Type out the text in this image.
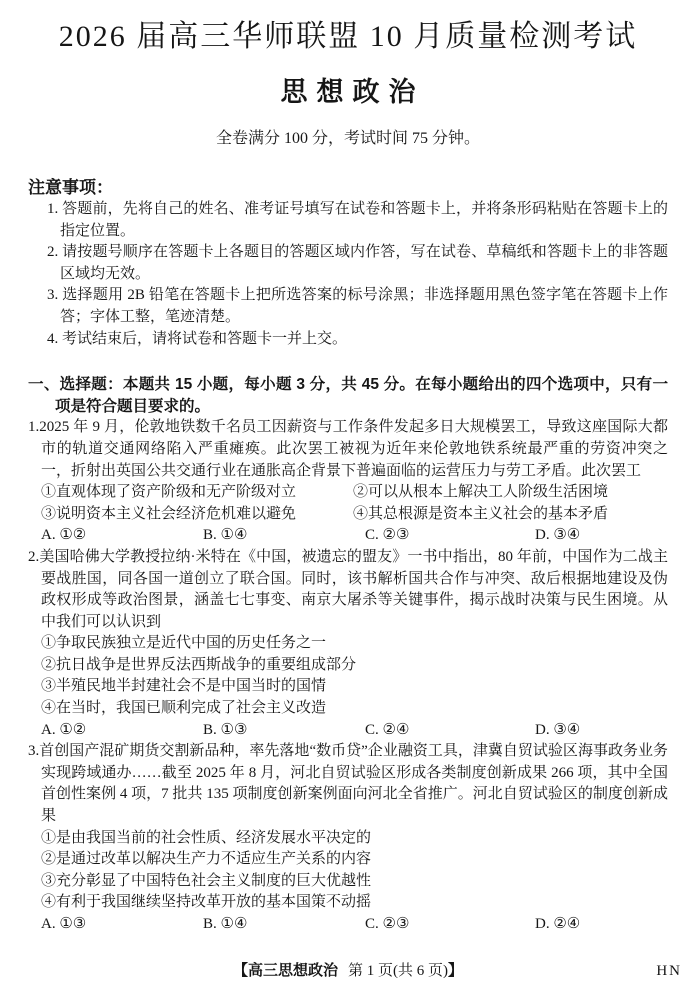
2026 届高三华师联盟 10 月质量检测考试
思想政治
全卷满分 100 分，考试时间 75 分钟。
注意事项：
1. 答题前，先将自己的姓名、准考证号填写在试卷和答题卡上，并将条形码粘贴在答题卡上的指定位置。
2. 请按题号顺序在答题卡上各题目的答题区域内作答，写在试卷、草稿纸和答题卡上的非答题区域均无效。
3. 选择题用 2B 铅笔在答题卡上把所选答案的标号涂黑；非选择题用黑色签字笔在答题卡上作答；字体工整，笔迹清楚。
4. 考试结束后，请将试卷和答题卡一并上交。
一、选择题：本题共 15 小题，每小题 3 分，共 45 分。在每小题给出的四个选项中，只有一项是符合题目要求的。
1.2025 年 9 月，伦敦地铁数千名员工因薪资与工作条件发起多日大规模罢工，导致这座国际大都市的轨道交通网络陷入严重瘫痪。此次罢工被视为近年来伦敦地铁系统最严重的劳资冲突之一，折射出英国公共交通行业在通胀高企背景下普遍面临的运营压力与劳工矛盾。此次罢工
①直观体现了资产阶级和无产阶级对立	②可以从根本上解决工人阶级生活困境
③说明资本主义社会经济危机难以避免	④其总根源是资本主义社会的基本矛盾
A. ①②	B. ①④	C. ②③	D. ③④
2.美国哈佛大学教授拉纳·米特在《中国，被遗忘的盟友》一书中指出，80 年前，中国作为二战主要战胜国，同各国一道创立了联合国。同时，该书解析国共合作与冲突、敌后根据地建设及伪政权形成等政治图景，涵盖七七事变、南京大屠杀等关键事件，揭示战时决策与民生困境。从中我们可以认识到
①争取民族独立是近代中国的历史任务之一
②抗日战争是世界反法西斯战争的重要组成部分
③半殖民地半封建社会不是中国当时的国情
④在当时，我国已顺利完成了社会主义改造
A. ①②	B. ①③	C. ②④	D. ③④
3.首创国产混矿期货交割新品种，率先落地“数币贷”企业融资工具，津冀自贸试验区海事政务业务实现跨域通办……截至 2025 年 8 月，河北自贸试验区形成各类制度创新成果 266 项，其中全国首创性案例 4 项，7 批共 135 项制度创新案例面向河北全省推广。河北自贸试验区的制度创新成果
①是由我国当前的社会性质、经济发展水平决定的
②是通过改革以解决生产力不适应生产关系的内容
③充分彰显了中国特色社会主义制度的巨大优越性
④有利于我国继续坚持改革开放的基本国策不动摇
A. ①③	B. ①④	C. ②③	D. ②④
【高三思想政治 第 1 页(共 6 页)】	HN
